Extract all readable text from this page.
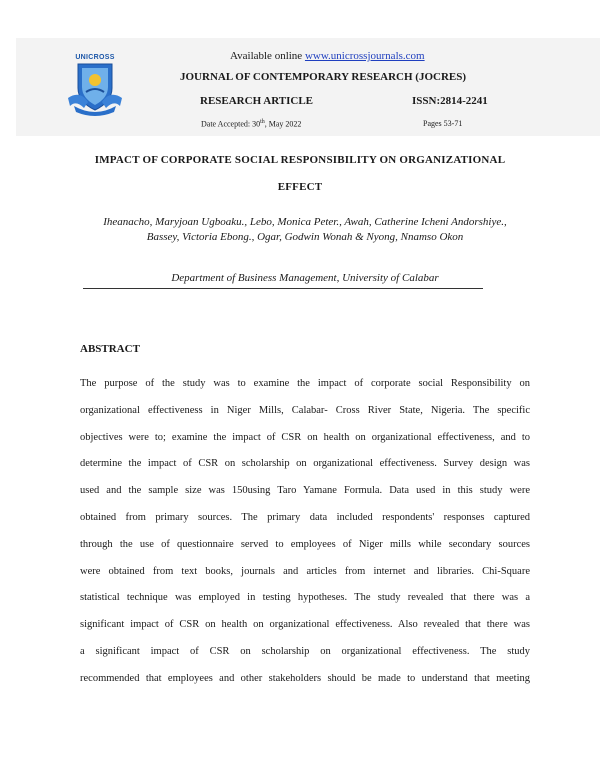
UNICROSS	Available online www.unicrossjournals.com
JOURNAL OF CONTEMPORARY RESEARCH (JOCRES)
RESEARCH ARTICLE	ISSN:2814-2241
Date Accepted: 30th, May 2022	Pages 53-71
IMPACT OF CORPORATE SOCIAL RESPONSIBILITY ON ORGANIZATIONAL
EFFECT
Iheanacho, Maryjoan Ugboaku., Lebo, Monica Peter., Awah, Catherine Icheni Andorshiye.,
Bassey, Victoria Ebong., Ogar, Godwin Wonah & Nyong, Nnamso Okon
Department of Business Management, University of Calabar
ABSTRACT
The purpose of the study was to examine the impact of corporate social Responsibility on
organizational effectiveness in Niger Mills, Calabar- Cross River State, Nigeria. The specific
objectives were to; examine the impact of CSR on health on organizational effectiveness, and to
determine the impact of CSR on scholarship on organizational effectiveness. Survey design was
used and the sample size was 150using Taro Yamane Formula. Data used in this study were
obtained from primary sources. The primary data included respondents' responses captured
through the use of questionnaire served to employees of Niger mills while secondary sources
were obtained from text books, journals and articles from internet and libraries. Chi-Square
statistical technique was employed in testing hypotheses. The study revealed that there was a
significant impact of CSR on health on organizational effectiveness. Also revealed that there was
a significant impact of CSR on scholarship on organizational effectiveness. The study
recommended that employees and other stakeholders should be made to understand that meeting
